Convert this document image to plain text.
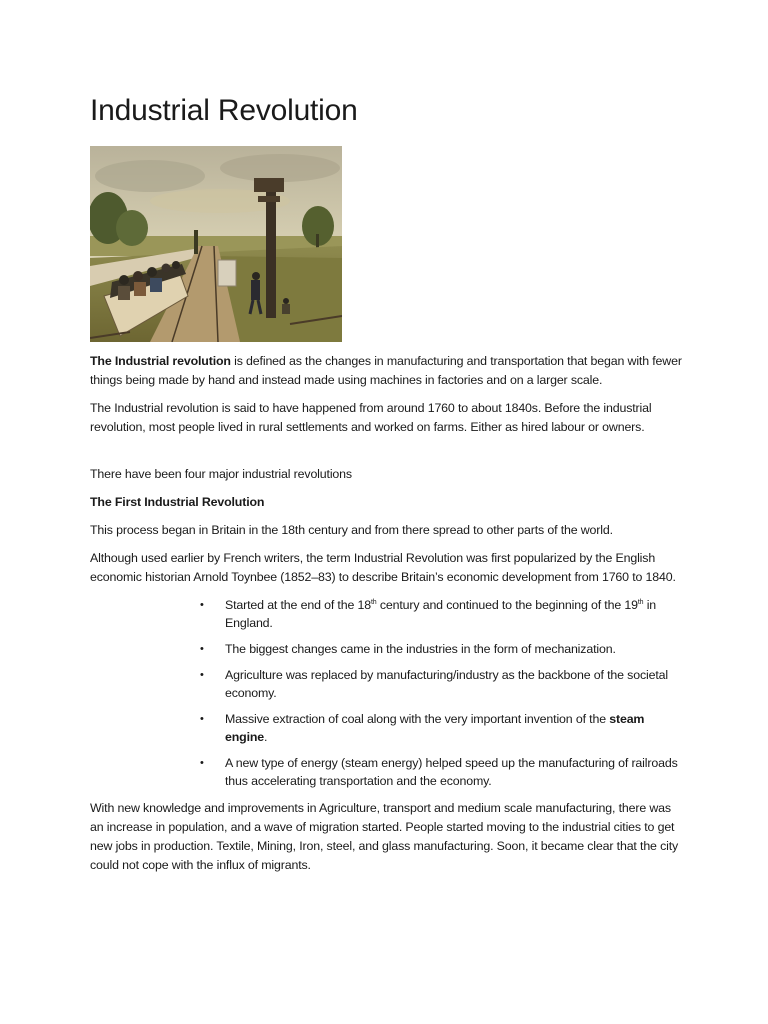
Industrial Revolution

The Industrial revolution is defined as the changes in manufacturing and transportation that began with fewer things being made by hand and instead made using machines in factories and on a larger scale.

The Industrial revolution is said to have happened from around 1760 to about 1840s. Before the industrial revolution, most people lived in rural settlements and worked on farms. Either as hired labour or owners.

There have been four major industrial revolutions

The First Industrial Revolution

This process began in Britain in the 18th century and from there spread to other parts of the world.

Although used earlier by French writers, the term Industrial Revolution was first popularized by the English economic historian Arnold Toynbee (1852–83) to describe Britain’s economic development from 1760 to 1840.

• Started at the end of the 18th century and continued to the beginning of the 19th in England.
• The biggest changes came in the industries in the form of mechanization.
• Agriculture was replaced by manufacturing/industry as the backbone of the societal economy.
• Massive extraction of coal along with the very important invention of the steam engine.
• A new type of energy (steam energy) helped speed up the manufacturing of railroads thus accelerating transportation and the economy.

With new knowledge and improvements in Agriculture, transport and medium scale manufacturing, there was an increase in population, and a wave of migration started. People started moving to the industrial cities to get new jobs in production. Textile, Mining, Iron, steel, and glass manufacturing. Soon, it became clear that the city could not cope with the influx of migrants.
